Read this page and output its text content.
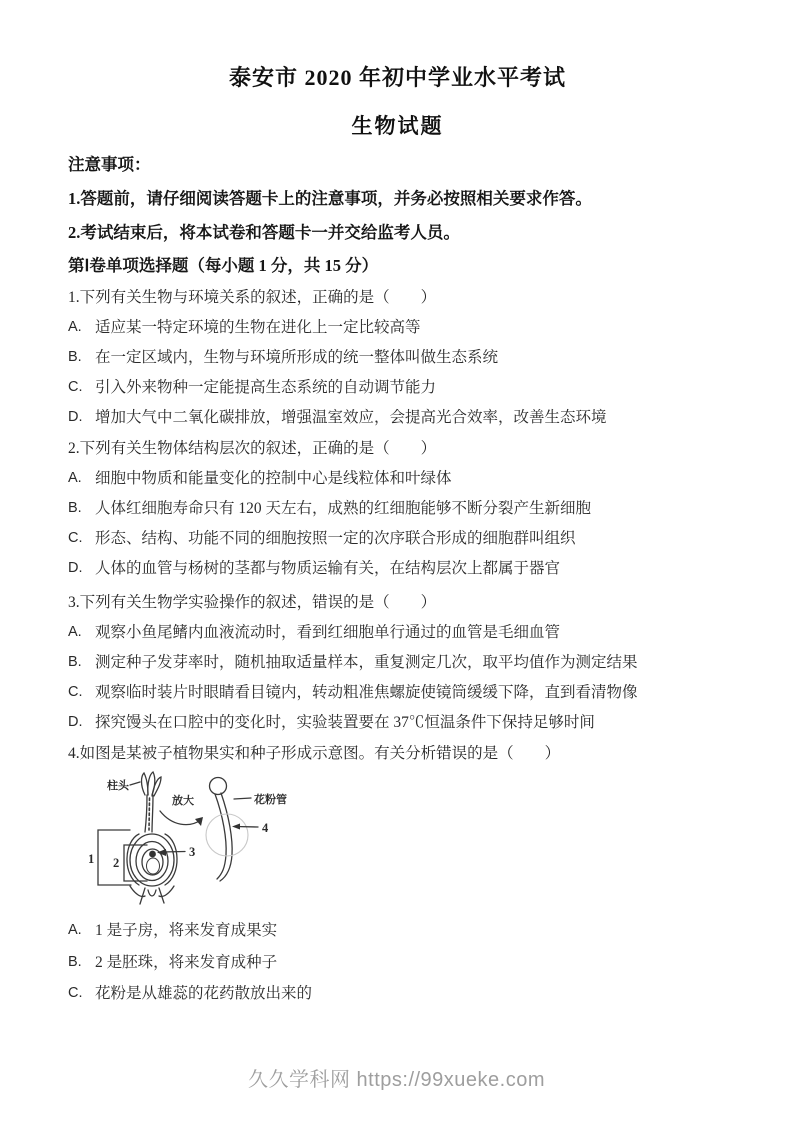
泰安市 2020 年初中学业水平考试
生物试题
注意事项：
1.答题前，请仔细阅读答题卡上的注意事项，并务必按照相关要求作答。
2.考试结束后，将本试卷和答题卡一并交给监考人员。
第Ⅰ卷单项选择题（每小题 1 分，共 15 分）
1.下列有关生物与环境关系的叙述，正确的是（　　）
A. 适应某一特定环境的生物在进化上一定比较高等
B. 在一定区域内，生物与环境所形成的统一整体叫做生态系统
C. 引入外来物种一定能提高生态系统的自动调节能力
D. 增加大气中二氧化碳排放，增强温室效应，会提高光合效率，改善生态环境
2.下列有关生物体结构层次的叙述，正确的是（　　）
A. 细胞中物质和能量变化的控制中心是线粒体和叶绿体
B. 人体红细胞寿命只有 120 天左右，成熟的红细胞能够不断分裂产生新细胞
C. 形态、结构、功能不同的细胞按照一定的次序联合形成的细胞群叫组织
D. 人体的血管与杨树的茎都与物质运输有关，在结构层次上都属于器官
3.下列有关生物学实验操作的叙述，错误的是（　　）
A. 观察小鱼尾鳍内血液流动时，看到红细胞单行通过的血管是毛细血管
B. 测定种子发芽率时，随机抽取适量样本，重复测定几次，取平均值作为测定结果
C. 观察临时装片时眼睛看目镜内，转动粗准焦螺旋使镜筒缓缓下降，直到看清物像
D. 探究馒头在口腔中的变化时，实验装置要在 37℃恒温条件下保持足够时间
4.如图是某被子植物果实和种子形成示意图。有关分析错误的是（　　）
柱头
放大	花粉管
1 2
3
4
A. 1 是子房，将来发育成果实
B. 2 是胚珠，将来发育成种子
C. 花粉是从雄蕊的花药散放出来的
久久学科网 https://99xueke.com
